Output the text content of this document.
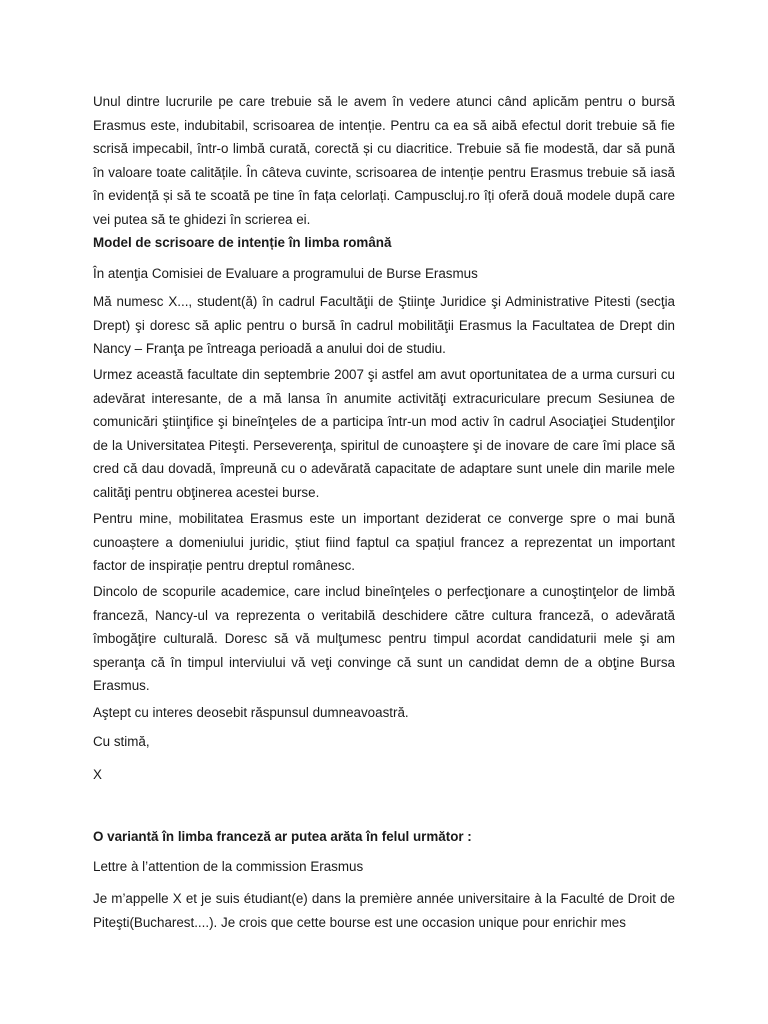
Unul dintre lucrurile pe care trebuie să le avem în vedere atunci când aplicăm pentru o bursă Erasmus este, indubitabil, scrisoarea de intenție. Pentru ca ea să aibă efectul dorit trebuie să fie scrisă impecabil, într-o limbă curată, corectă și cu diacritice. Trebuie să fie modestă, dar să pună în valoare toate calitățile. În câteva cuvinte, scrisoarea de intenție pentru Erasmus trebuie să iasă în evidență și să te scoată pe tine în fața celorlați. Campuscluj.ro îți oferă două modele după care vei putea să te ghidezi în scrierea ei.

Model de scrisoare de intenție în limba română

În atenţia Comisiei de Evaluare a programului de Burse Erasmus

Mă numesc X..., student(ă) în cadrul Facultăţii de Ştiinţe Juridice şi Administrative Pitesti (secţia Drept) şi doresc să aplic pentru o bursă în cadrul mobilităţii Erasmus la Facultatea de Drept din Nancy – Franţa pe întreaga perioadă a anului doi de studiu.

Urmez această facultate din septembrie 2007 şi astfel am avut oportunitatea de a urma cursuri cu adevărat interesante, de a mă lansa în anumite activităţi extracuriculare precum Sesiunea de comunicări ştiinţifice şi bineînţeles de a participa într-un mod activ în cadrul Asociaţiei Studenţilor de la Universitatea Piteşti. Perseverenţa, spiritul de cunoaştere şi de inovare de care îmi place să cred că dau dovadă, împreună cu o adevărată capacitate de adaptare sunt unele din marile mele calităţi pentru obţinerea acestei burse.

Pentru mine, mobilitatea Erasmus este un important deziderat ce converge spre o mai bună cunoaștere a domeniului juridic, știut fiind faptul ca spațiul francez a reprezentat un important factor de inspirație pentru dreptul românesc.

Dincolo de scopurile academice, care includ bineînţeles o perfecţionare a cunoştinţelor de limbă franceză, Nancy-ul va reprezenta o veritabilă deschidere către cultura franceză, o adevărată îmbogăţire culturală. Doresc să vă mulţumesc pentru timpul acordat candidaturii mele şi am speranţa că în timpul interviului vă veţi convinge că sunt un candidat demn de a obţine Bursa Erasmus.

Aştept cu interes deosebit răspunsul dumneavoastră.

Cu stimă,

X

O variantă în limba franceză ar putea arăta în felul următor :

Lettre à l’attention de la commission Erasmus

Je m’appelle X et je suis étudiant(e) dans la première année universitaire à la Faculté de Droit de Piteşti(Bucharest....). Je crois que cette bourse est une occasion unique pour enrichir mes
